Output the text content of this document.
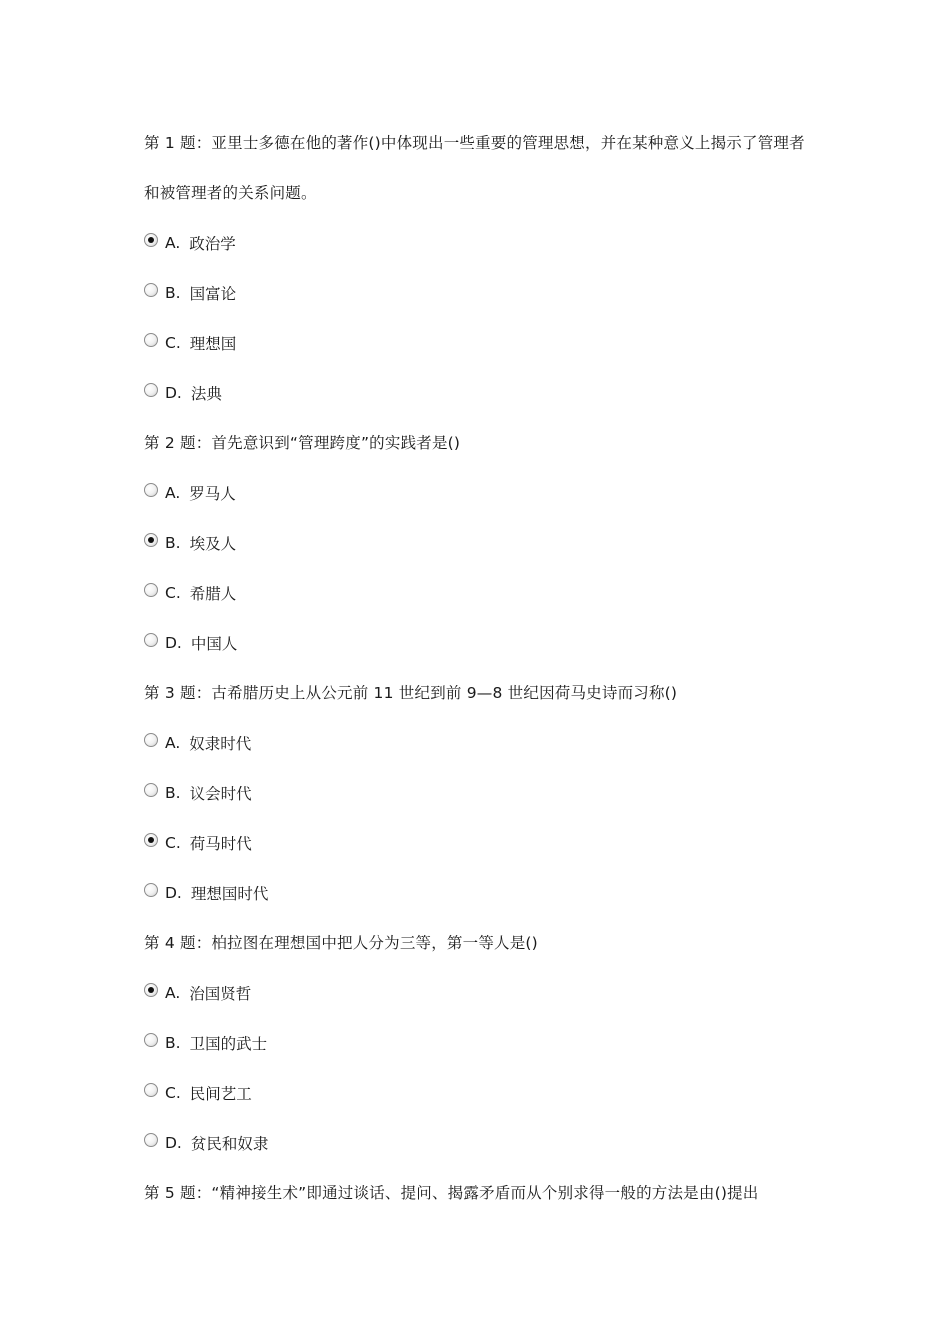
第 1 题：亚里士多德在他的著作()中体现出一些重要的管理思想，并在某种意义上揭示了管理者和被管理者的关系问题。

A. 政治学
B. 国富论
C. 理想国
D. 法典

第 2 题：首先意识到“管理跨度”的实践者是()

A. 罗马人
B. 埃及人
C. 希腊人
D. 中国人

第 3 题：古希腊历史上从公元前 11 世纪到前 9—8 世纪因荷马史诗而习称()

A. 奴隶时代
B. 议会时代
C. 荷马时代
D. 理想国时代

第 4 题：柏拉图在理想国中把人分为三等，第一等人是()

A. 治国贤哲
B. 卫国的武士
C. 民间艺工
D. 贫民和奴隶

第 5 题：“精神接生术”即通过谈话、提问、揭露矛盾而从个别求得一般的方法是由()提出
